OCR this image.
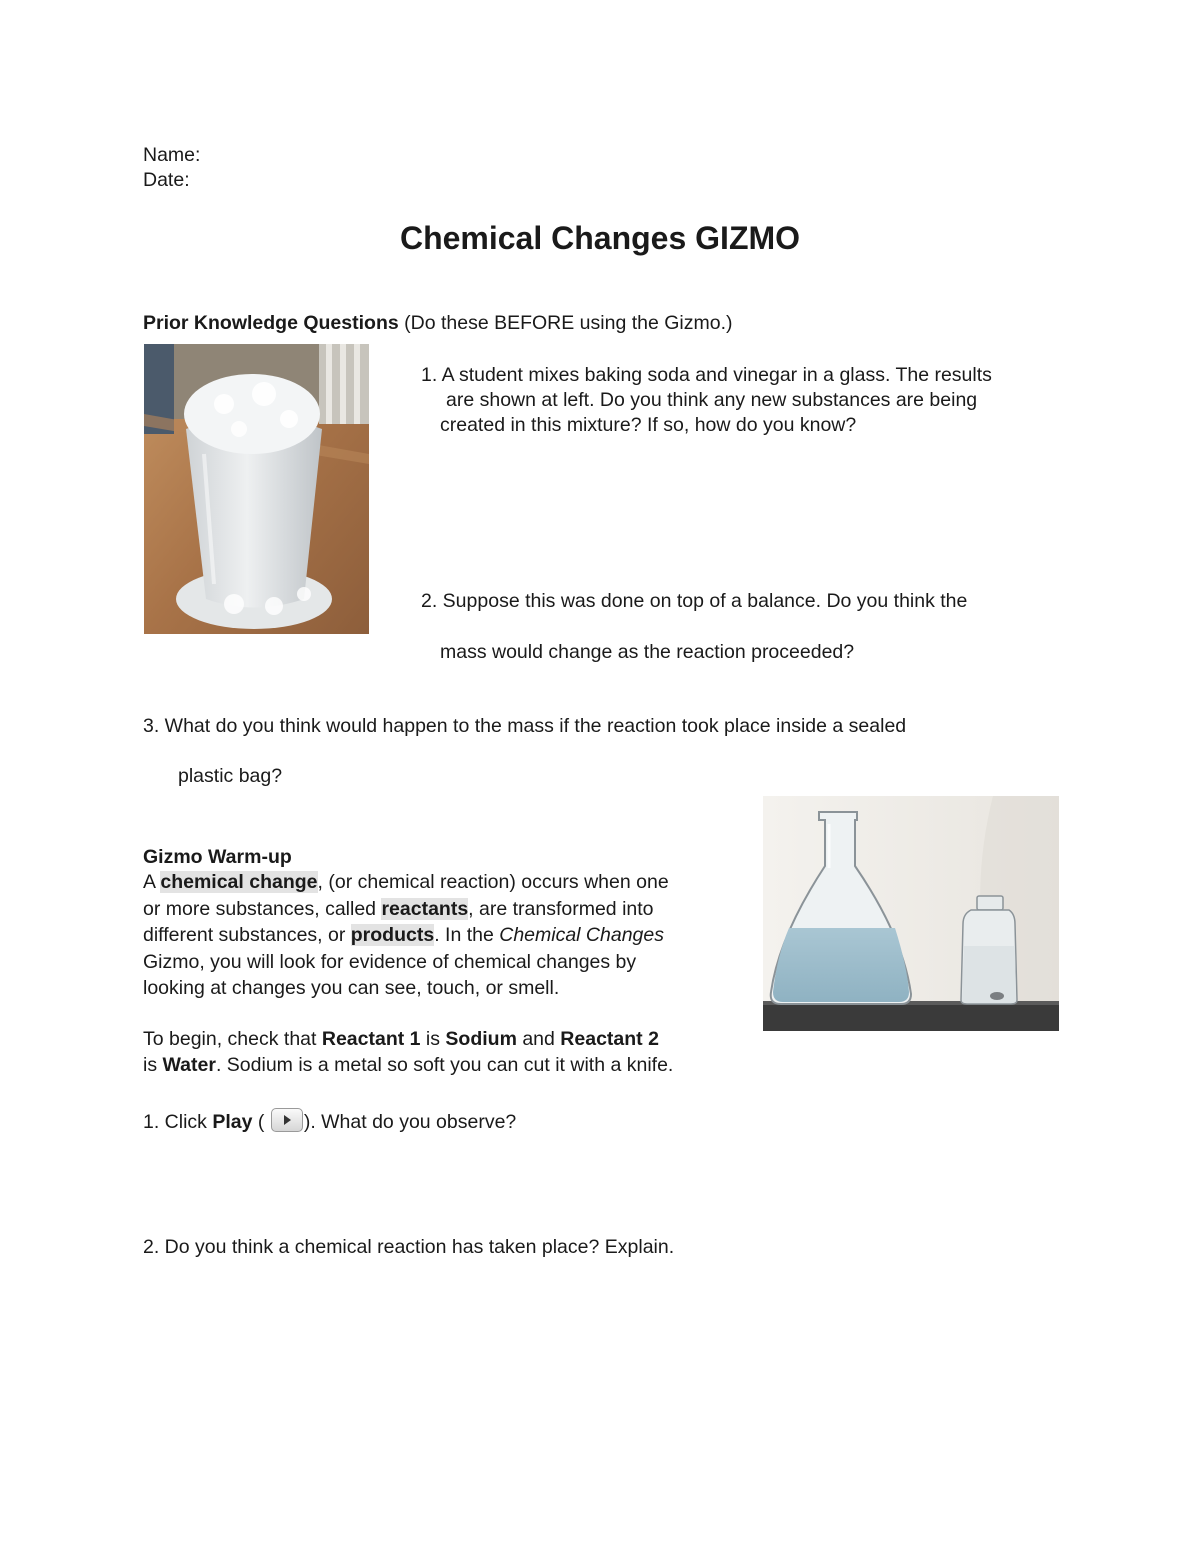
Name:
Date:
Chemical Changes GIZMO
Prior Knowledge Questions (Do these BEFORE using the Gizmo.)
1. A student mixes baking soda and vinegar in a glass. The results
are shown at left. Do you think any new substances are being
created in this mixture? If so, how do you know?
2. Suppose this was done on top of a balance. Do you think the
mass would change as the reaction proceeded?
3. What do you think would happen to the mass if the reaction took place inside a sealed
plastic bag?
Gizmo Warm-up
A chemical change, (or chemical reaction) occurs when one
or more substances, called reactants, are transformed into
different substances, or products. In the Chemical Changes
Gizmo, you will look for evidence of chemical changes by
looking at changes you can see, touch, or smell.
To begin, check that Reactant 1 is Sodium and Reactant 2
is Water. Sodium is a metal so soft you can cut it with a knife.
1. Click Play ( ). What do you observe?
2. Do you think a chemical reaction has taken place? Explain.
